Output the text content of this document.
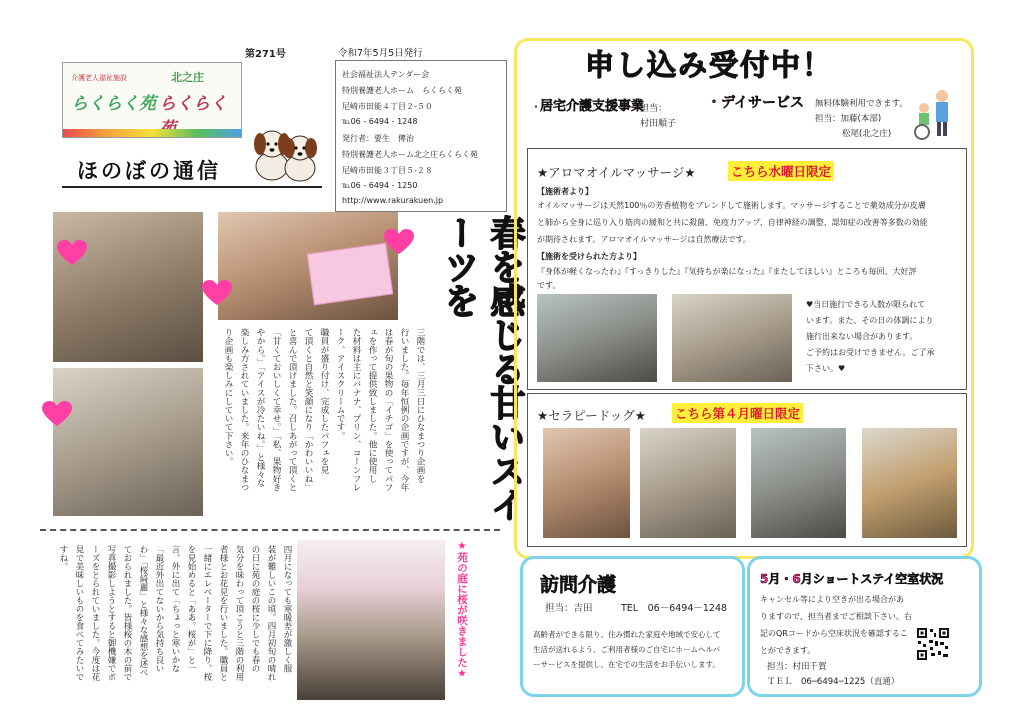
第271号	令和7年5月5日発行
介護老人福祉施設
らくらく苑
北之庄
らくらく
ほのぼの通信
社会福祉法人テンダー会
特別養護老人ホーム　らくらく苑
尼崎市田能４丁目２-５０
℡06 - 6494 - 1248
発行者：要生　傳治
特別養護老人ホーム北之庄らくらく苑
尼崎市田能３丁目５-２８
℡06 - 6494 - 1250
http://www.rakurakuen.jp
春を感じる甘いスイーツを
三階では、三月三日にひなまつり企画を
行いました。毎年恒例の企画ですが、今年
は春が旬の果物の「イチゴ」を使ってパフ
ェを作って提供致しました。他に使用し
た材料は主にバナナ、プリン、コーンフレ
ーク、アイスクリームです。
職員が盛り付け、完成したパフェを見
て頂くと自然と笑顔になり「かわいいね」
と喜んで頂けました。召しあがって頂くと
「甘くておいしくて幸せ。」「私、果物好き
やから。」「アイスが冷たいね。」と様々な
楽しみ方されていました。来年のひなまつ
り企画も楽しみにしていて下さい。
四月になっても寒暖差が激しく服
装が難しいこの頃。四月初旬の晴れ
の日に苑の庭の桜に少しでも春の
気分を味わって頂こうと三階の利用
者様とお花見を行いました。職員と
一緒にエレベーターで下に降り、桜
を見始めると「ああ。桜が」と一
言。外に出て「ちょっと寒いかな
「最近外出てないから気持ち良い
わ」「桜綺麗」と様々な感想を述べ
ておられました。皆様桜の木の前で
写真撮影しようとすると御機嫌でポ
ーズをとられていました。今度は花
見で美味しいものを食べてみたいで
すね。	★苑の庭に桜が咲きました★
申し込み受付中！
・
居宅介護支援事業
担当：
村田順子
・デイサービス 無料体験利用できます。
担当：加藤(本部)
松尾(北之庄)
★アロマオイルマッサージ★	こちら水曜日限定
【施術者より】
オイルマッサージは天然100％の芳香植物をブレンドして施術します。マッサージすることで薬効成分が皮膚
と肺から全身に巡り入り筋肉の緩和と共に殺菌、免疫力アップ、自律神経の調整、認知症の改善等多数の効能
が期待されます。アロマオイルマッサージは自然療法です。
【施術を受けられた方より】
『身体が軽くなったわ』『すっきりした』『気持ちが楽になった』『またしてほしい』ところも毎回、大好評
です。
♥当日施行できる人数が限られて
います。また、その日の体調により
施行出来ない場合があります。
ご予約はお受けできません。ご了承
下さい。♥
★セラピードッグ★ こちら第４月曜日限定
訪問介護
担当：吉田	TEL　06－6494－1248
高齢者ができる限り、住み慣れた家庭や地域で安心して
生活が送れるよう、ご利用者様のご自宅にホームヘルパ
ーサービスを提供し、在宅での生活をお手伝いします。
5月・6月ショートステイ空室状況
キャンセル等により空きが出る場合があ
りますので、担当者までご相談下さい。右
記のQRコードから空床状況を確認するこ
とができます。
担当：村田千賀
ＴＥＬ　06─6494─1225（直通）
